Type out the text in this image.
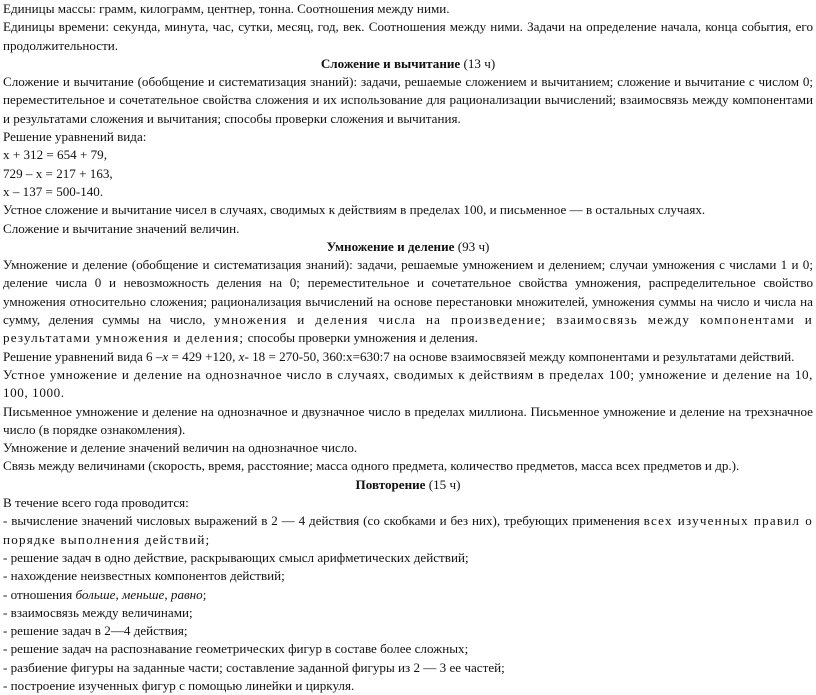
Единицы массы: грамм, килограмм, центнер, тонна. Соотношения между ними.

Единицы времени: секунда, минута, час, сутки, месяц, год, век. Соотношения между ними. Задачи на определение начала, конца события, его продолжительности.

Сложение и вычитание (13 ч)

Сложение и вычитание (обобщение и систематизация знаний): задачи, решаемые сложением и вычитанием; сложение и вычитание с числом 0; переместительное и сочетательное свойства сложения и их использование для рационализации вычислений; взаимосвязь между компонентами и результатами сложения и вычитания; способы проверки сложения и вычитания.

Решение уравнений вида:

х + 312 = 654 + 79,

729 – х = 217 + 163,

х – 137 = 500-140.

Устное сложение и вычитание чисел в случаях, сводимых к действиям в пределах 100, и письменное — в остальных случаях.

Сложение и вычитание значений величин.

Умножение и деление (93 ч)

Умножение и деление (обобщение и систематизация знаний): задачи, решаемые умножением и делением; случаи умножения с числами 1 и 0; деление числа 0 и невозможность деления на 0; переместительное и сочетательное свойства умножения, распределительное свойство умножения относительно сложения; рационализация вычислений на основе перестановки множителей, умножения суммы на число и числа на сумму, деления суммы на число, умножения и деления числа на произведение; взаимосвязь между компонентами и результатами умножения и деления; способы проверки умножения и деления.

Решение уравнений вида 6 –x = 429 +120, x- 18 = 270-50, 360:x=630:7 на основе взаимосвязей между компонентами и результатами действий.

Устное умножение и деление на однозначное число в случаях, сводимых к действиям в пределах 100; умножение и деление на 10, 100, 1000.

Письменное умножение и деление на однозначное и двузначное число в пределах миллиона. Письменное умножение и деление на трехзначное число (в порядке ознакомления).

Умножение и деление значений величин на однозначное число.

Связь между величинами (скорость, время, расстояние; масса одного предмета, количество предметов, масса всех предметов и др.).

Повторение (15 ч)

В течение всего года проводится:

- вычисление значений числовых выражений в 2 — 4 действия (со скобками и без них), требующих применения всех изученных правил о порядке выполнения действий;

- решение задач в одно действие, раскрывающих смысл арифметических действий;

- нахождение неизвестных компонентов действий;

- отношения больше, меньше, равно;

- взаимосвязь между величинами;

- решение задач в 2—4 действия;

- решение задач на распознавание геометрических фигур в составе более сложных;

- разбиение фигуры на заданные части; составление заданной фигуры из 2 — 3 ее частей;

- построение изученных фигур с помощью линейки и циркуля.
